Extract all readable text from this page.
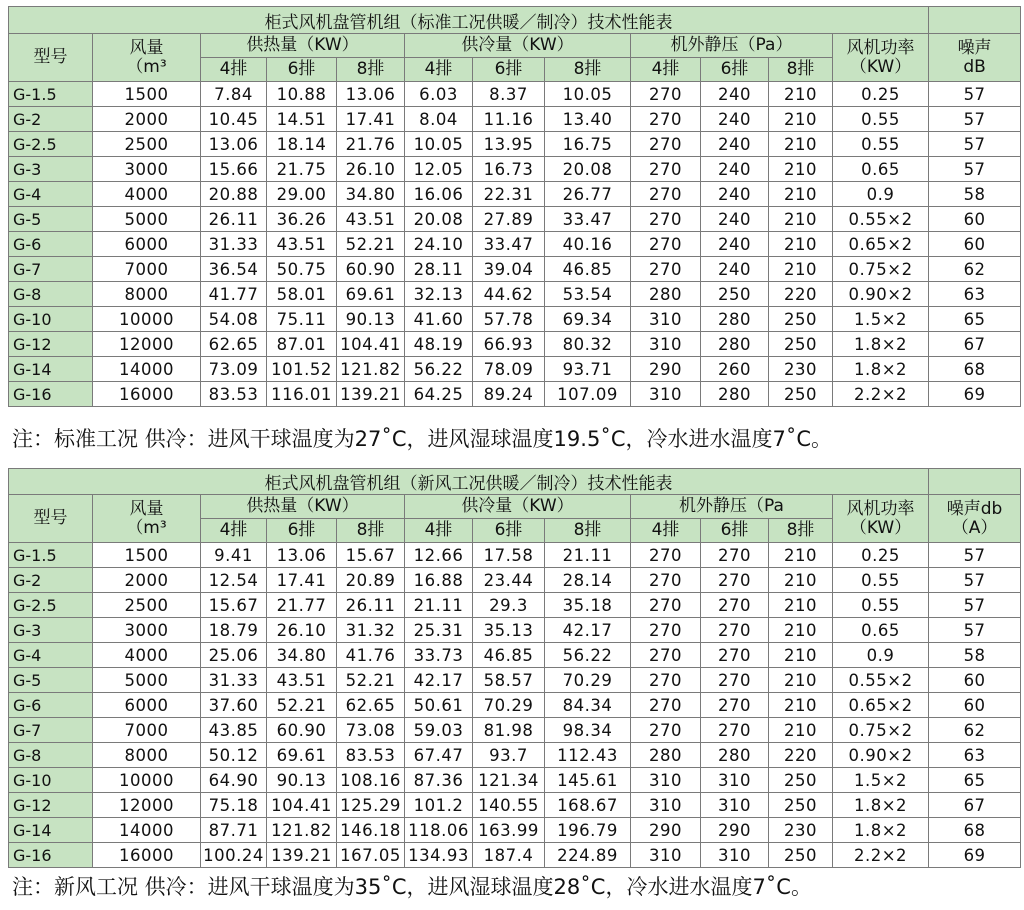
柜式风机盘管机组（标准工况供暖／制冷）技术性能表												
型号	风量
（m³	供热量（KW）			供冷量（KW）			机外静压（Pa）			风机功率
（KW）	噪声
dB
		4排	6排	8排	4排	6排	8排	4排	6排	8排		
G-1.5	1500	7.84	10.88	13.06	6.03	8.37	10.05	270	240	210	0.25	57
G-2	2000	10.45	14.51	17.41	8.04	11.16	13.40	270	240	210	0.55	57
G-2.5	2500	13.06	18.14	21.76	10.05	13.95	16.75	270	240	210	0.55	57
G-3	3000	15.66	21.75	26.10	12.05	16.73	20.08	270	240	210	0.65	57
G-4	4000	20.88	29.00	34.80	16.06	22.31	26.77	270	240	210	0.9	58
G-5	5000	26.11	36.26	43.51	20.08	27.89	33.47	270	240	210	0.55×2	60
G-6	6000	31.33	43.51	52.21	24.10	33.47	40.16	270	240	210	0.65×2	60
G-7	7000	36.54	50.75	60.90	28.11	39.04	46.85	270	240	210	0.75×2	62
G-8	8000	41.77	58.01	69.61	32.13	44.62	53.54	280	250	220	0.90×2	63
G-10	10000	54.08	75.11	90.13	41.60	57.78	69.34	310	280	250	1.5×2	65
G-12	12000	62.65	87.01	104.41	48.19	66.93	80.32	310	280	250	1.8×2	67
G-14	14000	73.09	101.52	121.82	56.22	78.09	93.71	290	260	230	1.8×2	68
G-16	16000	83.53	116.01	139.21	64.25	89.24	107.09	310	280	250	2.2×2	69
注：标准工况 供冷：进风干球温度为27˚C，进风湿球温度19.5˚C，冷水进水温度7˚C。
柜式风机盘管机组（新风工况供暖／制冷）技术性能表												
型号	风量
（m³	供热量（KW）			供冷量（KW）			机外静压（Pa			风机功率
（KW）	噪声db
（A）
		4排	6排	8排	4排	6排	8排	4排	6排	8排		
G-1.5	1500	9.41	13.06	15.67	12.66	17.58	21.11	270	270	210	0.25	57
G-2	2000	12.54	17.41	20.89	16.88	23.44	28.14	270	270	210	0.55	57
G-2.5	2500	15.67	21.77	26.11	21.11	29.3	35.18	270	270	210	0.55	57
G-3	3000	18.79	26.10	31.32	25.31	35.13	42.17	270	270	210	0.65	57
G-4	4000	25.06	34.80	41.76	33.73	46.85	56.22	270	270	210	0.9	58
G-5	5000	31.33	43.51	52.21	42.17	58.57	70.29	270	270	210	0.55×2	60
G-6	6000	37.60	52.21	62.65	50.61	70.29	84.34	270	270	210	0.65×2	60
G-7	7000	43.85	60.90	73.08	59.03	81.98	98.34	270	270	210	0.75×2	62
G-8	8000	50.12	69.61	83.53	67.47	93.7	112.43	280	280	220	0.90×2	63
G-10	10000	64.90	90.13	108.16	87.36	121.34	145.61	310	310	250	1.5×2	65
G-12	12000	75.18	104.41	125.29	101.2	140.55	168.67	310	310	250	1.8×2	67
G-14	14000	87.71	121.82	146.18	118.06	163.99	196.79	290	290	230	1.8×2	68
G-16	16000	100.24	139.21	167.05	134.93	187.4	224.89	310	310	250	2.2×2	69
注：新风工况 供冷：进风干球温度为35˚C，进风湿球温度28˚C，冷水进水温度7˚C。
